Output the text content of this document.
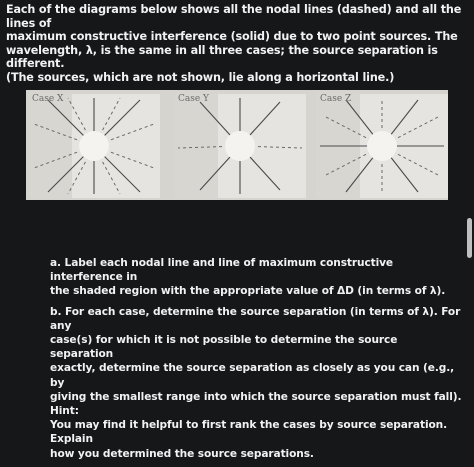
Each of the diagrams below shows all the nodal lines (dashed) and all the lines of

maximum constructive interference (solid) due to two point sources. The

wavelength, λ, is the same in all three cases; the source separation is different.

(The sources, which are not shown, lie along a horizontal line.)

Case X	Case Y	Case Z

a. Label each nodal line and line of maximum constructive interference in
the shaded region with the appropriate value of ΔD (in terms of λ).

b. For each case, determine the source separation (in terms of λ). For any
case(s) for which it is not possible to determine the source separation
exactly, determine the source separation as closely as you can (e.g., by
giving the smallest range into which the source separation must fall). Hint:
You may find it helpful to first rank the cases by source separation. Explain
how you determined the source separations.
